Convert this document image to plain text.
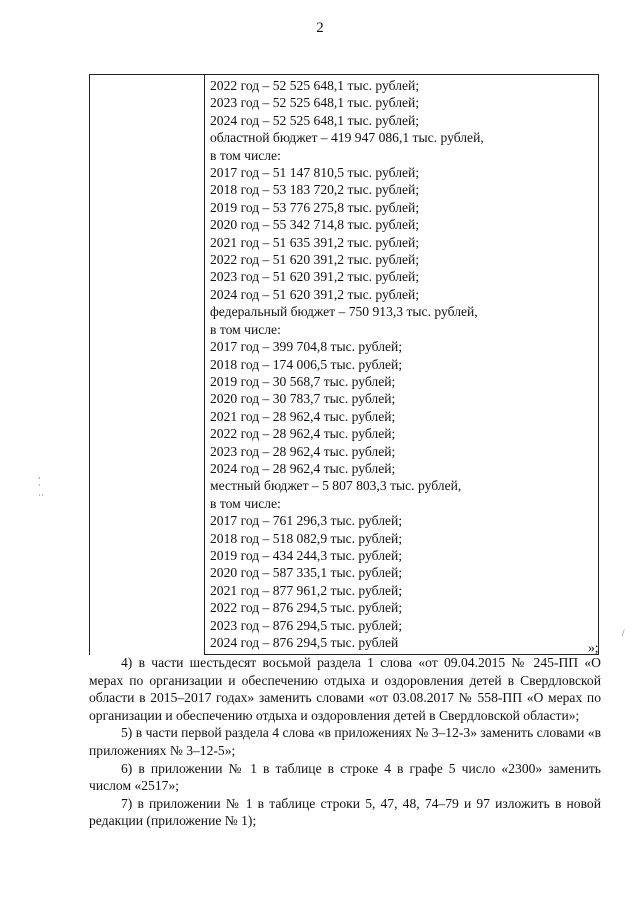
2
2022 год – 52 525 648,1 тыс. рублей;
2023 год – 52 525 648,1 тыс. рублей;
2024 год – 52 525 648,1 тыс. рублей;
областной бюджет – 419 947 086,1 тыс. рублей,
в том числе:
2017 год – 51 147 810,5 тыс. рублей;
2018 год – 53 183 720,2 тыс. рублей;
2019 год – 53 776 275,8 тыс. рублей;
2020 год – 55 342 714,8 тыс. рублей;
2021 год – 51 635 391,2 тыс. рублей;
2022 год – 51 620 391,2 тыс. рублей;
2023 год – 51 620 391,2 тыс. рублей;
2024 год – 51 620 391,2 тыс. рублей;
федеральный бюджет – 750 913,3 тыс. рублей,
в том числе:
2017 год – 399 704,8 тыс. рублей;
2018 год – 174 006,5 тыс. рублей;
2019 год – 30 568,7 тыс. рублей;
2020 год – 30 783,7 тыс. рублей;
2021 год – 28 962,4 тыс. рублей;
2022 год – 28 962,4 тыс. рублей;
2023 год – 28 962,4 тыс. рублей;
2024 год – 28 962,4 тыс. рублей;
местный бюджет – 5 807 803,3 тыс. рублей,
в том числе:
2017 год – 761 296,3 тыс. рублей;
2018 год – 518 082,9 тыс. рублей;
2019 год – 434 244,3 тыс. рублей;
2020 год – 587 335,1 тыс. рублей;
2021 год – 877 961,2 тыс. рублей;
2022 год – 876 294,5 тыс. рублей;
2023 год – 876 294,5 тыс. рублей;
2024 год – 876 294,5 тыс. рублей	»;

4) в части шестьдесят восьмой раздела 1 слова «от 09.04.2015 № 245-ПП «О мерах по организации и обеспечению отдыха и оздоровления детей в Свердловской области в 2015–2017 годах» заменить словами «от 03.08.2017 № 558-ПП «О мерах по организации и обеспечению отдыха и оздоровления детей в Свердловской области»;

5) в части первой раздела 4 слова «в приложениях № 3–12-3» заменить словами «в приложениях № 3–12-5»;

6) в приложении № 1 в таблице в строке 4 в графе 5 число «2300» заменить числом «2517»;

7) в приложении № 1 в таблице строки 5, 47, 48, 74–79 и 97 изложить в новой редакции (приложение № 1);

,
·
··
/
